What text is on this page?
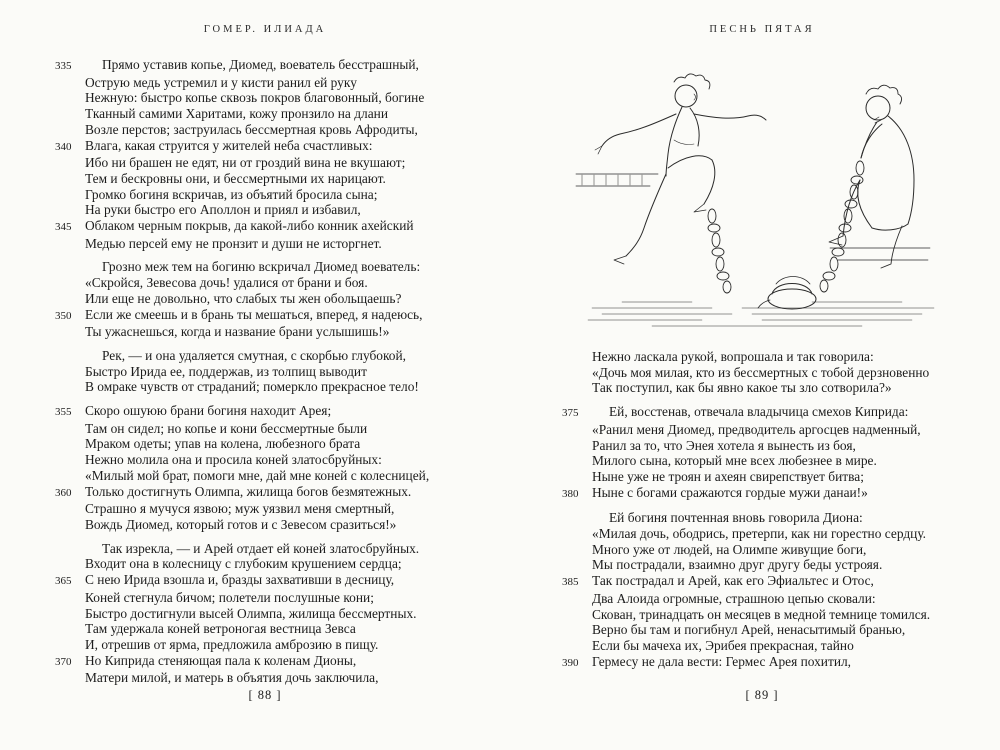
ГОМЕР. ИЛИАДА
335	Прямо уставив копье, Диомед, воеватель бесстрашный,
Острую медь устремил и у кисти ранил ей руку
Нежную: быстро копье сквозь покров благовонный, богине
Тканный самими Харитами, кожу пронзило на длани
Возле перстов; заструилась бессмертная кровь Афродиты,
340	Влага, какая струится у жителей неба счастливых:
Ибо ни брашен не едят, ни от гроздий вина не вкушают;
Тем и бескровны они, и бессмертными их нарицают.
Громко богиня вскричав, из объятий бросила сына;
На руки быстро его Аполлон и приял и избавил,
345	Облаком черным покрыв, да какой-либо конник ахейский
Медью персей ему не пронзит и души не исторгнет.
Грозно меж тем на богиню вскричал Диомед воеватель:
«Скройся, Зевесова дочь! удалися от брани и боя.
Или еще не довольно, что слабых ты жен обольщаешь?
350	Если же смеешь и в брань ты мешаться, вперед, я надеюсь,
Ты ужаснешься, когда и название брани услышишь!»
Рек, — и она удаляется смутная, с скорбью глубокой,
Быстро Ирида ее, поддержав, из толпищ выводит
В омраке чувств от страданий; померкло прекрасное тело!
355	Скоро ошуюю брани богиня находит Арея;
Там он сидел; но копье и кони бессмертные были
Мраком одеты; упав на колена, любезного брата
Нежно молила она и просила коней златосбруйных:
«Милый мой брат, помоги мне, дай мне коней с колесницей,
360	Только достигнуть Олимпа, жилища богов безмятежных.
Страшно я мучуся язвою; муж уязвил меня смертный,
Вождь Диомед, который готов и с Зевесом сразиться!»
Так изрекла, — и Арей отдает ей коней златосбруйных.
Входит она в колесницу с глубоким крушением сердца;
365	С нею Ирида взошла и, бразды захвативши в десницу,
Коней стегнула бичом; полетели послушные кони;
Быстро достигнули высей Олимпа, жилища бессмертных.
Там удержала коней ветроногая вестница Зевса
И, отрешив от ярма, предложила амброзию в пищу.
370	Но Киприда стеняющая пала к коленам Дионы,
Матери милой, и матерь в объятия дочь заключила,
[ 88 ]
ПЕСНЬ ПЯТАЯ
Нежно ласкала рукой, вопрошала и так говорила:
«Дочь моя милая, кто из бессмертных с тобой дерзновенно
Так поступил, как бы явно какое ты зло сотворила?»
375	Ей, восстенав, отвечала владычица смехов Киприда:
«Ранил меня Диомед, предводитель аргосцев надменный,
Ранил за то, что Энея хотела я вынесть из боя,
Милого сына, который мне всех любезнее в мире.
Ныне уже не троян и ахеян свирепствует битва;
380	Ныне с богами сражаются гордые мужи данаи!»
Ей богиня почтенная вновь говорила Диона:
«Милая дочь, ободрись, претерпи, как ни горестно сердцу.
Много уже от людей, на Олимпе живущие боги,
Мы пострадали, взаимно друг другу беды устрояя.
385	Так пострадал и Арей, как его Эфиальтес и Отос,
Два Алоида огромные, страшною цепью сковали:
Скован, тринадцать он месяцев в медной темнице томился.
Верно бы там и погибнул Арей, ненасытимый бранью,
Если бы мачеха их, Эрибея прекрасная, тайно
390	Гермесу не дала вести: Гермес Арея похитил,
[ 89 ]
